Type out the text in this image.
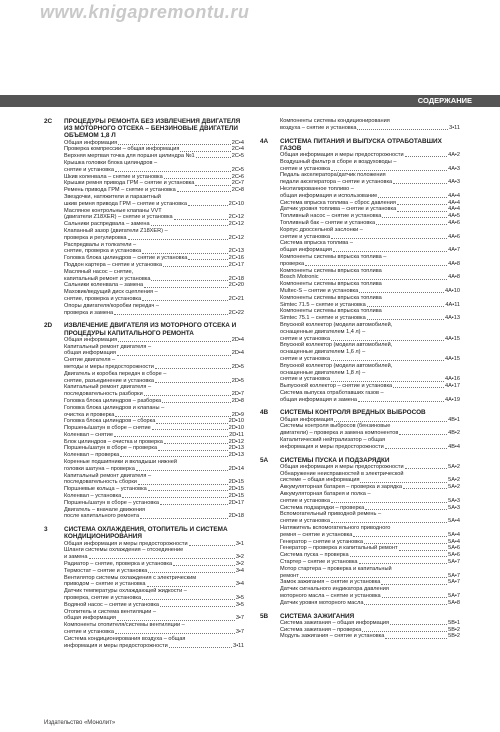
www.knigapremontu.ru
СОДЕРЖАНИЕ
2C	ПРОЦЕДУРЫ РЕМОНТА БЕЗ ИЗВЛЕЧЕНИЯ ДВИГАТЕЛЯ ИЗ МОТОРНОГО ОТСЕКА – БЕНЗИНОВЫЕ ДВИГАТЕЛИ ОБЪЕМОМ 1,8 Л
Общая информация	2С•4
Проверка компрессии – общая информация	2С•4
Верхняя мертвая точка для поршня цилиндра №1	2С•5
Крышка головки блока цилиндров –
снятие и установка	2С•5
Шкив коленвала – снятие и установка	2С•6
Крышки ремня привода ГРМ – снятие и установка	2С•7
Ремень привода ГРМ – снятие и установка	2С•8
Звездочки, натяжители и паразитный
шкив ремня привода ГРМ – снятие и установка	2С•10
Масляное контрольные клапаны VVT
(двигатели Z18XER) – снятие и установка	2С•12
Сальники распредвала – замена	2С•12
Клапанный зазор (двигатели Z18XER) –
проверка и регулировка	2С•12
Распредвалы и толкатели –
снятие, проверка и установка	2С•13
Головка блока цилиндров – снятие и установка	2С•16
Поддон картера – снятие и установка	2С•17
Масляный насос – снятие,
капитальный ремонт и установка	2С•18
Сальники коленвала – замена	2С•20
Маховик/ведущий диск сцепления –
снятие, проверка и установка	2С•21
Опоры двигателя/коробки передач –
проверка и замена	2С•22
2D	ИЗВЛЕЧЕНИЕ ДВИГАТЕЛЯ ИЗ МОТОРНОГО ОТСЕКА И ПРОЦЕДУРЫ КАПИТАЛЬНОГО РЕМОНТА
Общая информация	2D•4
Капитальный ремонт двигателя –
общая информация	2D•4
Снятие двигателя –
методы и меры предосторожности	2D•5
Двигатель и коробка передач в сборе –
снятие, разъединение и установка	2D•5
Капитальный ремонт двигателя –
последовательность разборки	2D•7
Головка блока цилиндров – разборка	2D•8
Головка блока цилиндров и клапаны –
очистка и проверка	2D•9
Головка блока цилиндров – сборка	2D•10
Поршень/шатун в сборе – снятие	2D•10
Коленвал – снятие	2D•11
Блок цилиндров – очистка и проверка	2D•12
Поршень/шатун в сборе – проверка	2D•13
Коленвал – проверка	2D•13
Коренные подшипники и вкладыши нижней
головки шатуна – проверка	2D•14
Капитальный ремонт двигателя –
последовательность сборки	2D•15
Поршневые кольца – установка	2D•15
Коленвал – установка	2D•15
Поршень/шатун в сборе – установка	2D•17
Двигатель – вначале движения
после капитального ремонта	2D•18
3	СИСТЕМА ОХЛАЖДЕНИЯ, ОТОПИТЕЛЬ И СИСТЕМА КОНДИЦИОНИРОВАНИЯ
Общая информация и меры предосторожности	3•1
Шланги системы охлаждения – отсоединение
и замена	3•2
Радиатор – снятие, проверка и установка	3•2
Термостат – снятие и установка	3•4
Вентилятор системы охлаждения с электрическим
приводом – снятие и установка	3•4
Датчик температуры охлаждающей жидкости –
проверка, снятие и установка	3•5
Водяной насос – снятие и установка	3•5
Отопитель и система вентиляции –
общая информация	3•7
Компоненты отопителя/системы вентиляции –
снятие и установка	3•7
Система кондиционирования воздуха – общая
информация и меры предосторожности	3•11
Компоненты системы кондиционирования
воздуха – снятие и установка	3•11
4A	СИСТЕМА ПИТАНИЯ И ВЫПУСКА ОТРАБОТАВШИХ ГАЗОВ
Общая информация и меры предосторожности	4А•2
Воздушный фильтр в сборе и воздуховоды –
снятие и установка	4А•3
Педаль акселератора/датчик положения
педали акселератора – снятие и установка	4А•3
Неэтилированное топливо –
общая информация и использование	4А•4
Система впрыска топлива – сброс давления	4А•4
Датчик уровня топлива – снятие и установка	4А•4
Топливный насос – снятие и установка	4А•5
Топливный бак – снятие и установка	4А•6
Корпус дроссельной заслонки –
снятие и установка	4А•6
Система впрыска топлива –
общая информация	4А•7
Компоненты системы впрыска топлива –
проверка	4А•8
Компоненты системы впрыска топлива
Bosch Motronic	4А•8
Компоненты системы впрыска топлива
Multec-S – снятие и установка	4А•10
Компоненты системы впрыска топлива
Simtec 71.5 – снятие и установка	4А•11
Компоненты системы впрыска топлива
Simtec 75.1 – снятие и установка	4А•13
Впускной коллектор (модели автомобилей,
оснащенные двигателем 1,4 л) –
снятие и установка	4А•15
Впускной коллектор (модели автомобилей,
оснащенные двигателем 1,6 л) –
снятие и установка	4А•15
Впускной коллектор (модели автомобилей,
оснащенные двигателем 1,8 л) –
снятие и установка	4А•16
Выпускной коллектор – снятие и установка	4А•17
Система выпуска отработавших газов –
общая информация и замена	4А•19
4B	СИСТЕМЫ КОНТРОЛЯ ВРЕДНЫХ ВЫБРОСОВ
Общая информация	4В•1
Системы контроля выбросов (бензиновые
двигатели) – проверка и замена компонентов	4В•2
Каталитический нейтрализатор – общая
информация и меры предосторожности	4В•4
5A	СИСТЕМЫ ПУСКА И ПОДЗАРЯДКИ
Общая информация и меры предосторожности	5А•2
Обнаружение неисправностей в электрической
системе – общая информация	5А•2
Аккумуляторная батарея – проверка и зарядка	5А•2
Аккумуляторная батарея и полка –
снятие и установка	5А•3
Система подзарядки – проверка	5А•3
Вспомогательный приводной ремень –
снятие и установка	5А•4
Натяжитель вспомогательного приводного
ремня – снятие и установка	5А•4
Генератор – снятие и установка	5А•4
Генератор – проверка и капитальный ремонт	5А•6
Система пуска – проверка	5А•6
Стартер – снятие и установка	5А•7
Мотор стартера – проверка и капитальный
ремонт	5А•7
Замок зажигания – снятие и установка	5А•7
Датчик сигнального индикатора давления
моторного масла – снятие и установка	5А•7
Датчик уровня моторного масла	5А•8
5B	СИСТЕМА ЗАЖИГАНИЯ
Система зажигания – общая информация	5В•1
Система зажигания – проверка	5В•2
Модуль зажигания – снятие и установка	5В•2
Издательство «Монолит»
